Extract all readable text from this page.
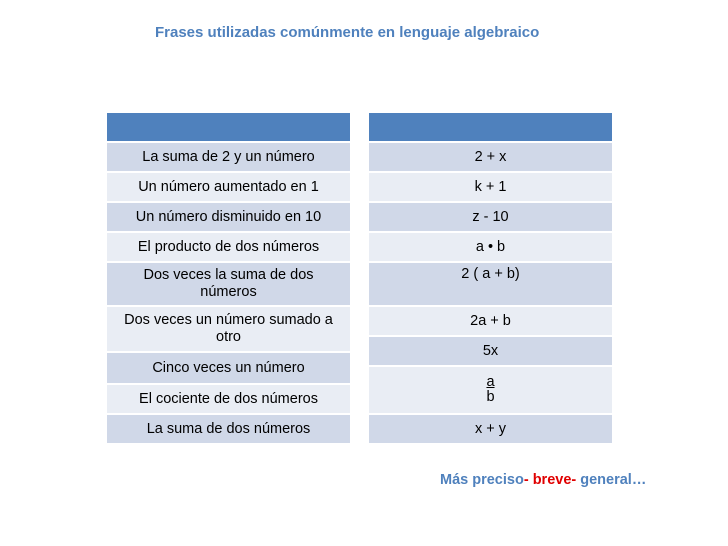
Frases utilizadas comúnmente en lenguaje algebraico
La suma de 2 y un número
Un número aumentado en 1
Un número disminuido en 10
El producto de dos números
Dos veces la suma de dos números
Dos veces un número sumado a otro
Cinco veces un número
El cociente de dos números
La suma de dos números
2 + x
k + 1
z - 10
a • b
2 ( a + b)
2a + b
5x
$\frac{a}{b}$
x + y
Más preciso- breve- general…
